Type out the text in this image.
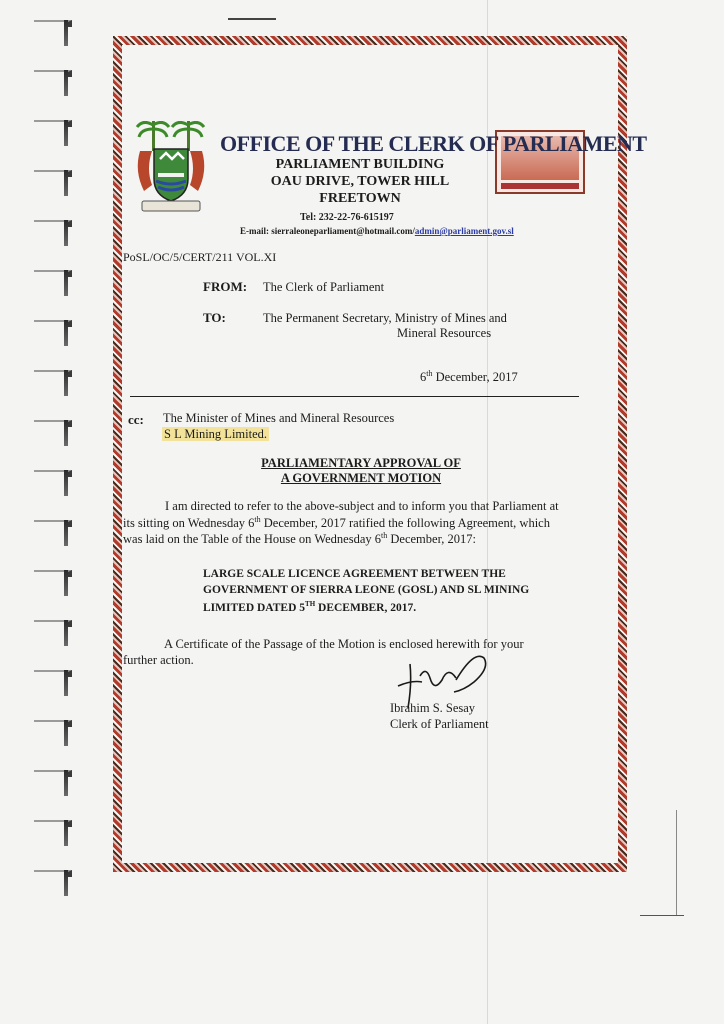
OFFICE OF THE CLERK OF PARLIAMENT
PARLIAMENT BUILDING
OAU DRIVE, TOWER HILL
FREETOWN
Tel: 232-22-76-615197
E-mail: sierraleoneparliament@hotmail.com/admin@parliament.gov.sl
PoSL/OC/5/CERT/211 VOL.XI
FROM: The Clerk of Parliament
TO:	The Permanent Secretary, Ministry of Mines and
Mineral Resources
6th December, 2017
cc: The Minister of Mines and Mineral Resources
S L Mining Limited.
PARLIAMENTARY APPROVAL OF
A GOVERNMENT MOTION
I am directed to refer to the above-subject and to inform you that Parliament at
its sitting on Wednesday 6th December, 2017 ratified the following Agreement, which
was laid on the Table of the House on Wednesday 6th December, 2017:
LARGE SCALE LICENCE AGREEMENT BETWEEN THE
GOVERNMENT OF SIERRA LEONE (GOSL) AND SL MINING
LIMITED DATED 5TH DECEMBER, 2017.
A Certificate of the Passage of the Motion is enclosed herewith for your
further action.
Ibrahim S. Sesay
Clerk of Parliament
